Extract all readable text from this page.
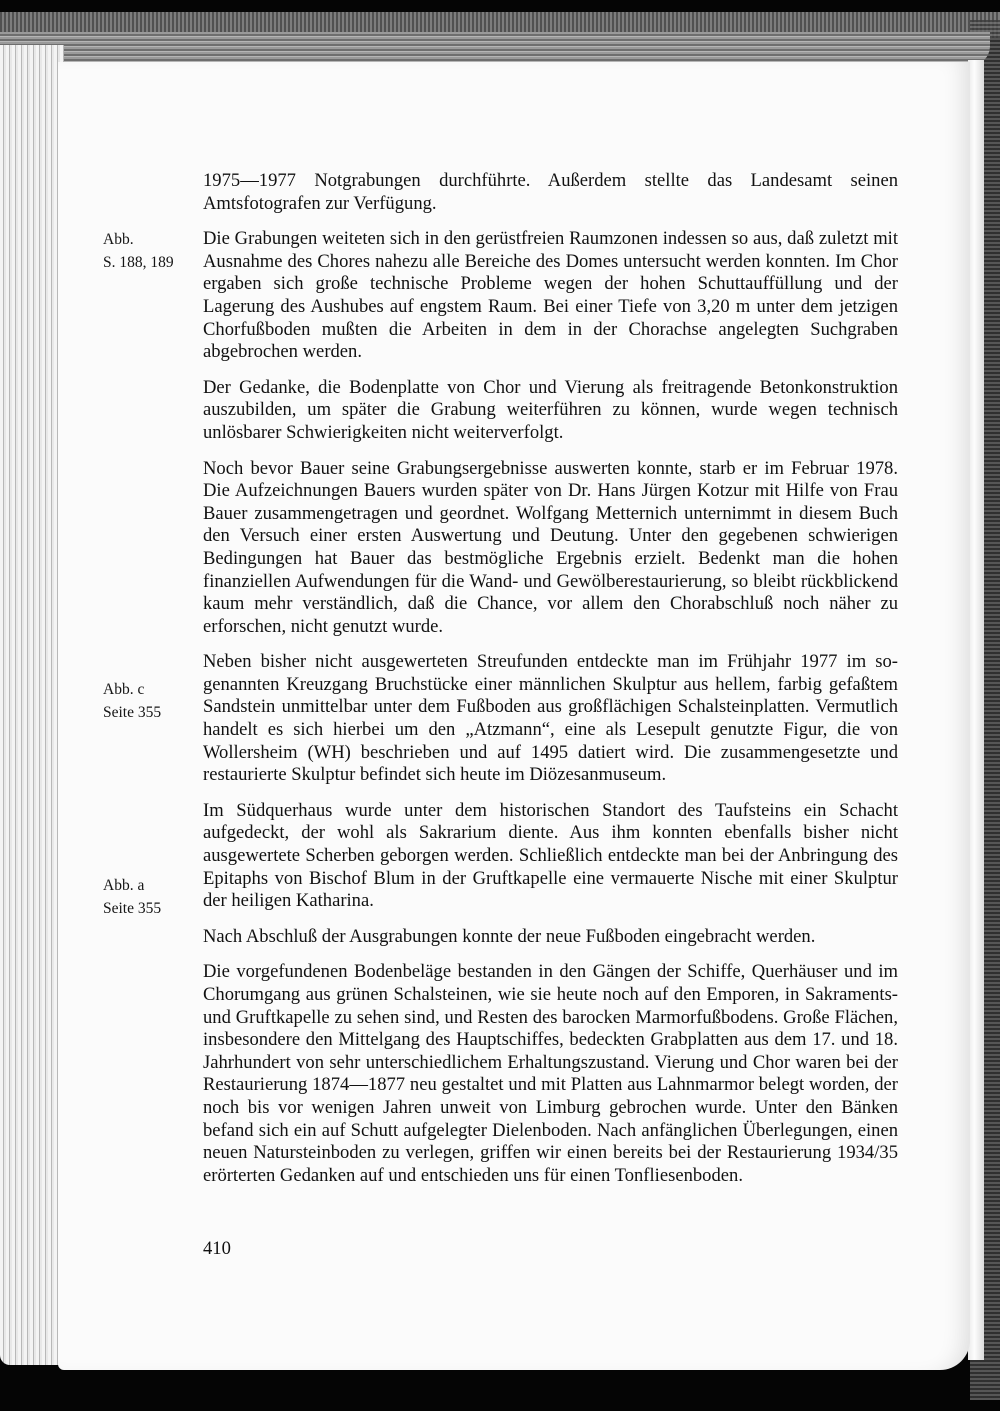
Abb.
S. 188, 189
Abb. c
Seite 355
Abb. a
Seite 355

1975—1977 Notgrabungen durchführte. Außerdem stellte das Landesamt seinen Amtsfotografen zur Verfügung.

Die Grabungen weiteten sich in den gerüstfreien Raumzonen indessen so aus, daß zuletzt mit Ausnahme des Chores nahezu alle Bereiche des Domes untersucht werden konnten. Im Chor ergaben sich große technische Probleme wegen der hohen Schuttauffüllung und der Lagerung des Aushubes auf engstem Raum. Bei einer Tiefe von 3,20 m unter dem jetzigen Chorfußboden mußten die Arbeiten in dem in der Chorachse angelegten Suchgraben abgebrochen werden.

Der Gedanke, die Bodenplatte von Chor und Vierung als freitragende Betonkonstruktion auszubilden, um später die Grabung weiterführen zu können, wurde wegen technisch unlösbarer Schwierigkeiten nicht weiterverfolgt.

Noch bevor Bauer seine Grabungsergebnisse auswerten konnte, starb er im Februar 1978. Die Aufzeichnungen Bauers wurden später von Dr. Hans Jürgen Kotzur mit Hilfe von Frau Bauer zusammengetragen und geordnet. Wolfgang Metternich unternimmt in diesem Buch den Versuch einer ersten Auswertung und Deutung. Unter den gegebenen schwierigen Bedingungen hat Bauer das bestmögliche Ergebnis erzielt. Bedenkt man die hohen finanziellen Aufwendungen für die Wand- und Gewölberestaurierung, so bleibt rückblickend kaum mehr verständlich, daß die Chance, vor allem den Chorabschluß noch näher zu erforschen, nicht genutzt wurde.

Neben bisher nicht ausgewerteten Streufunden entdeckte man im Frühjahr 1977 im sogenannten Kreuzgang Bruchstücke einer männlichen Skulptur aus hellem, farbig gefaßtem Sandstein unmittelbar unter dem Fußboden aus großflächigen Schalsteinplatten. Vermutlich handelt es sich hierbei um den „Atzmann“, eine als Lesepult genutzte Figur, die von Wollersheim (WH) beschrieben und auf 1495 datiert wird. Die zusammengesetzte und restaurierte Skulptur befindet sich heute im Diözesanmuseum.

Im Südquerhaus wurde unter dem historischen Standort des Taufsteins ein Schacht aufgedeckt, der wohl als Sakrarium diente. Aus ihm konnten ebenfalls bisher nicht ausgewertete Scherben geborgen werden. Schließlich entdeckte man bei der Anbringung des Epitaphs von Bischof Blum in der Gruftkapelle eine vermauerte Nische mit einer Skulptur der heiligen Katharina.

Nach Abschluß der Ausgrabungen konnte der neue Fußboden eingebracht werden.

Die vorgefundenen Bodenbeläge bestanden in den Gängen der Schiffe, Querhäuser und im Chorumgang aus grünen Schalsteinen, wie sie heute noch auf den Emporen, in Sakraments- und Gruftkapelle zu sehen sind, und Resten des barocken Marmorfußbodens. Große Flächen, insbesondere den Mittelgang des Hauptschiffes, bedeckten Grabplatten aus dem 17. und 18. Jahrhundert von sehr unterschiedlichem Erhaltungszustand. Vierung und Chor waren bei der Restaurierung 1874—1877 neu gestaltet und mit Platten aus Lahnmarmor belegt worden, der noch bis vor wenigen Jahren unweit von Limburg gebrochen wurde. Unter den Bänken befand sich ein auf Schutt aufgelegter Dielenboden. Nach anfänglichen Überlegungen, einen neuen Natursteinboden zu verlegen, griffen wir einen bereits bei der Restaurierung 1934/35 erörterten Gedanken auf und entschieden uns für einen Tonfliesenboden.

410
